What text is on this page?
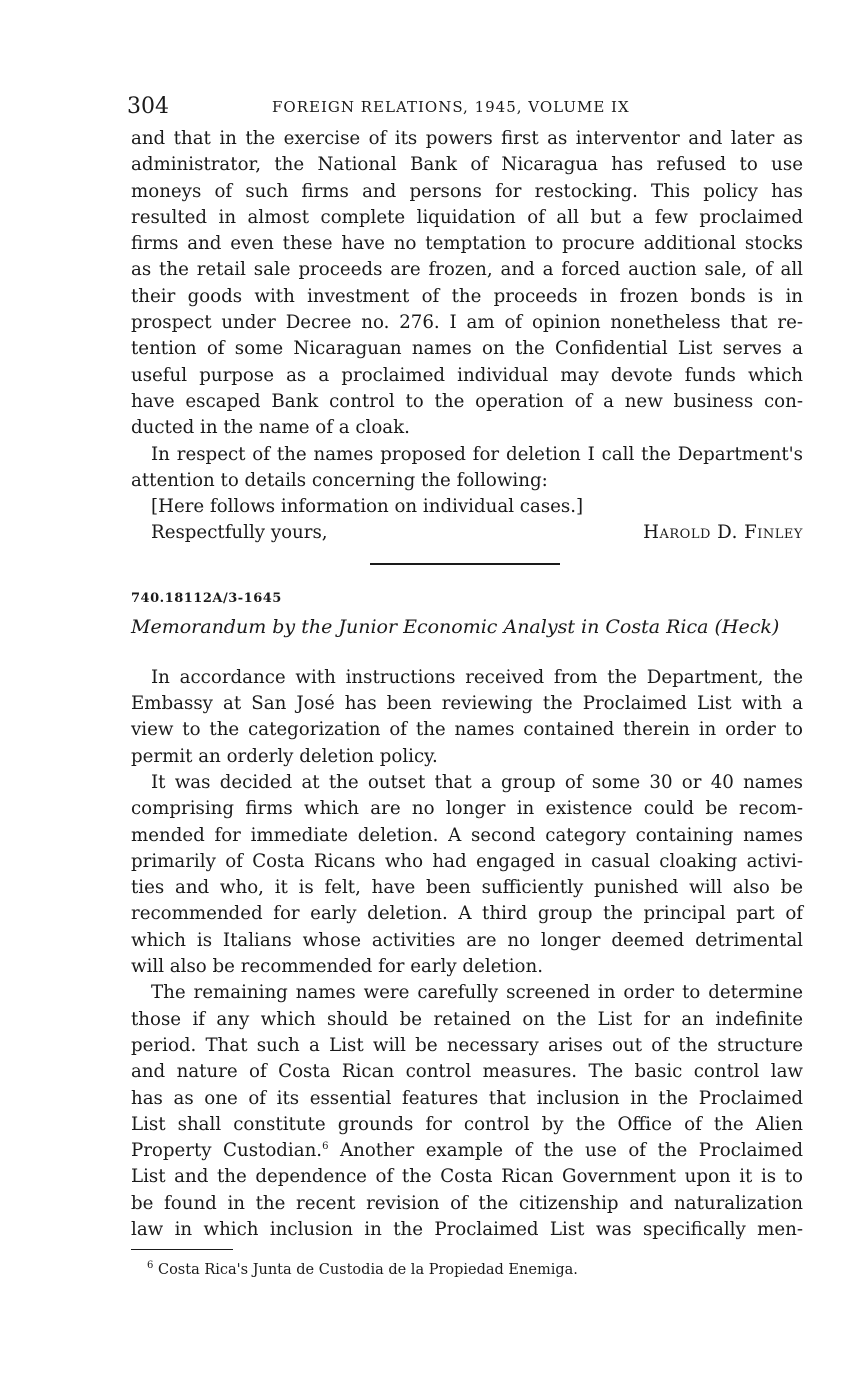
304	FOREIGN RELATIONS, 1945, VOLUME IX

and that in the exercise of its powers first as interventor and later as
administrator, the National Bank of Nicaragua has refused to use
moneys of such firms and persons for restocking. This policy has
resulted in almost complete liquidation of all but a few proclaimed
firms and even these have no temptation to procure additional stocks
as the retail sale proceeds are frozen, and a forced auction sale, of all
their goods with investment of the proceeds in frozen bonds is in
prospect under Decree no. 276. I am of opinion nonetheless that re-
tention of some Nicaraguan names on the Confidential List serves a
useful purpose as a proclaimed individual may devote funds which
have escaped Bank control to the operation of a new business con-
ducted in the name of a cloak.

In respect of the names proposed for deletion I call the Department's
attention to details concerning the following:

[Here follows information on individual cases.]

Respectfully yours,	Harold D. Finley
740.18112A/3-1645
Memorandum by the Junior Economic Analyst in Costa Rica (Heck)

In accordance with instructions received from the Department, the
Embassy at San José has been reviewing the Proclaimed List with a
view to the categorization of the names contained therein in order to
permit an orderly deletion policy.

It was decided at the outset that a group of some 30 or 40 names
comprising firms which are no longer in existence could be recom-
mended for immediate deletion. A second category containing names
primarily of Costa Ricans who had engaged in casual cloaking activi-
ties and who, it is felt, have been sufficiently punished will also be
recommended for early deletion. A third group the principal part of
which is Italians whose activities are no longer deemed detrimental
will also be recommended for early deletion.

The remaining names were carefully screened in order to determine
those if any which should be retained on the List for an indefinite
period. That such a List will be necessary arises out of the structure
and nature of Costa Rican control measures. The basic control law
has as one of its essential features that inclusion in the Proclaimed
List shall constitute grounds for control by the Office of the Alien
Property Custodian.$^6$ Another example of the use of the Proclaimed
List and the dependence of the Costa Rican Government upon it is to
be found in the recent revision of the citizenship and naturalization
law in which inclusion in the Proclaimed List was specifically men-

$^6$ Costa Rica's Junta de Custodia de la Propiedad Enemiga.
